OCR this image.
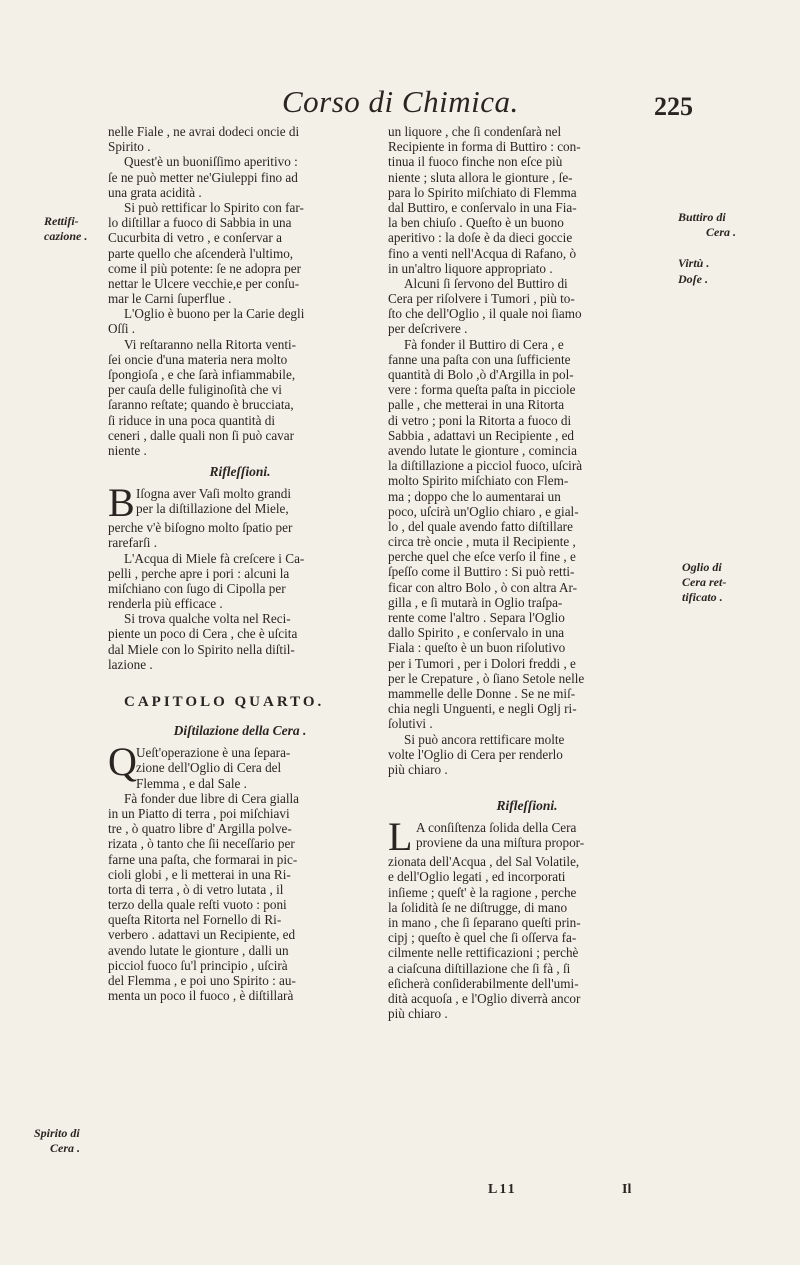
Corso di Chimica.	225
nelle Fiale , ne avrai dodeci oncie di
Spirito .
Quest'è un buoniſſimo aperitivo :
ſe ne può metter ne'Giuleppi fino ad
una grata acidità .
Si può rettificar lo Spirito con far-
lo diſtillar a fuoco di Sabbia in una
Cucurbita di vetro , e conſervar a
parte quello che aſcenderà l'ultimo,
come il più potente: ſe ne adopra per
nettar le Ulcere vecchie,e per conſu-
mar le Carni ſuperflue .
L'Oglio è buono per la Carie degli
Oſſi .
Vi reſtaranno nella Ritorta venti-
ſei oncie d'una materia nera molto
ſpongioſa , e che ſarà infiammabile,
per cauſa delle fuliginoſità che vi
ſaranno reſtate; quando è brucciata,
ſi riduce in una poca quantità di
ceneri , dalle quali non ſi può cavar
niente .
Rifleſſioni.
B Iſogna aver Vaſi molto grandi
per la diſtillazione del Miele,
perche v'è biſogno molto ſpatio per
rarefarſi .
L'Acqua di Miele fà creſcere i Ca-
pelli , perche apre i pori : alcuni la
miſchiano con ſugo di Cipolla per
renderla più efficace .
Si trova qualche volta nel Reci-
piente un poco di Cera , che è uſcita
dal Miele con lo Spirito nella diſtil-
lazione .
CAPITOLO QUARTO.
Diſtilazione della Cera .
Q Ueſt'operazione è una ſepara-
zione dell'Oglio di Cera del
Flemma , e dal Sale .
Fà fonder due libre di Cera gialla
in un Piatto di terra , poi miſchiavi
tre , ò quatro libre d' Argilla polve-
rizata , ò tanto che ſii neceſſario per
farne una paſta, che formarai in pic-
cioli globi , e li metterai in una Ri-
torta di terra , ò di vetro lutata , il
terzo della quale reſti vuoto : poni
queſta Ritorta nel Fornello di Ri-
verbero . adattavi un Recipiente, ed
avendo lutate le gionture , dalli un
picciol fuoco ſu'l principio , uſcirà
del Flemma , e poi uno Spirito : au-
menta un poco il fuoco , è diſtillarà
un liquore , che ſi condenſarà nel
Recipiente in forma di Buttiro : con-
tinua il fuoco finche non eſce più
niente ; sluta allora le gionture , ſe-
para lo Spirito miſchiato di Flemma
dal Buttiro, e conſervalo in una Fia-
la ben chiuſo . Queſto è un buono
aperitivo : la doſe è da dieci goccie
fino a venti nell'Acqua di Rafano, ò
in un'altro liquore appropriato .
Alcuni ſi ſervono del Buttiro di
Cera per riſolvere i Tumori , più to-
ſto che dell'Oglio , il quale noi ſiamo
per deſcrivere .
Fà fonder il Buttiro di Cera , e
fanne una paſta con una ſufficiente
quantità di Bolo ,ò d'Argilla in pol-
vere : forma queſta paſta in picciole
palle , che metterai in una Ritorta
di vetro ; poni la Ritorta a fuoco di
Sabbia , adattavi un Recipiente , ed
avendo lutate le gionture , comincia
la diſtillazione a picciol fuoco, uſcirà
molto Spirito miſchiato con Flem-
ma ; doppo che lo aumentarai un
poco, uſcirà un'Oglio chiaro , e gial-
lo , del quale avendo fatto diſtillare
circa trè oncie , muta il Recipiente ,
perche quel che eſce verſo il fine , e
ſpeſſo come il Buttiro : Si può retti-
ficar con altro Bolo , ò con altra Ar-
gilla , e ſi mutarà in Oglio traſpa-
rente come l'altro . Separa l'Oglio
dallo Spirito , e conſervalo in una
Fiala : queſto è un buon riſolutivo
per i Tumori , per i Dolori freddi , e
per le Crepature , ò ſiano Setole nelle
mammelle delle Donne . Se ne miſ-
chia negli Unguenti, e negli Oglj ri-
ſolutivi .
Si può ancora rettificare molte
volte l'Oglio di Cera per renderlo
più chiaro .
Rifleſſioni.
L A conſiſtenza ſolida della Cera
proviene da una miſtura propor-
zionata dell'Acqua , del Sal Volatile,
e dell'Oglio legati , ed incorporati
inſieme ; queſt' è la ragione , perche
la ſolidità ſe ne diſtrugge, di mano
in mano , che ſi ſeparano queſti prin-
cipj ; queſto è quel che ſi oſſerva fa-
cilmente nelle rettificazioni ; perchè
a ciaſcuna diſtillazione che ſi fà , ſi
eſicherà conſiderabilmente dell'umi-
dità acquoſa , e l'Oglio diverrà ancor
più chiaro .
Rettifi-
cazione .
Spirito di
Cera .
Buttiro di
Cera .
Virtù .
Doſe .
Oglio di
Cera ret-
tificato .
L11	Il
